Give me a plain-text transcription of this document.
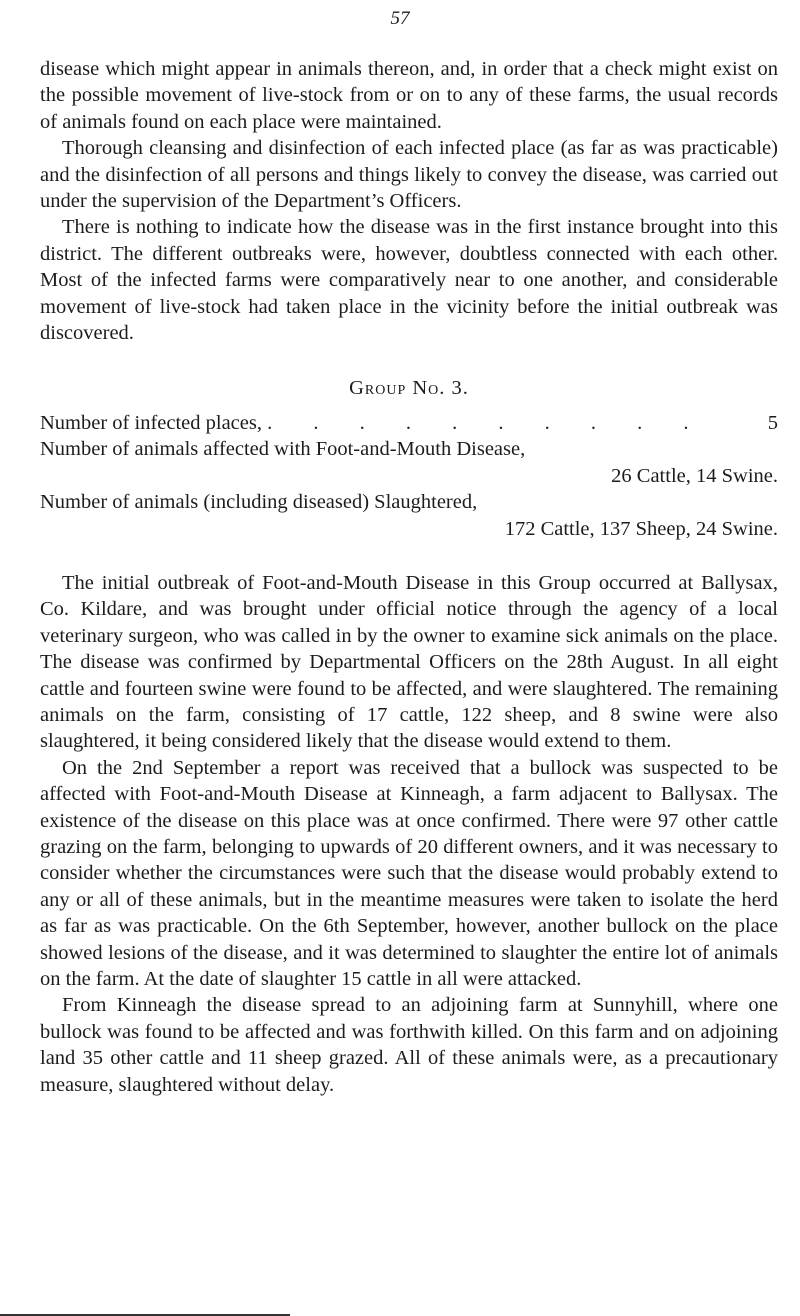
57

disease which might appear in animals thereon, and, in order that a check might exist on the possible movement of live-stock from or on to any of these farms, the usual records of animals found on each place were maintained.

Thorough cleansing and disinfection of each infected place (as far as was practicable) and the disinfection of all persons and things likely to convey the disease, was carried out under the supervision of the Department’s Officers.

There is nothing to indicate how the disease was in the first instance brought into this district. The different outbreaks were, however, doubtless connected with each other. Most of the infected farms were comparatively near to one another, and considerable movement of live-stock had taken place in the vicinity before the initial outbreak was discovered.

Group No. 3.
Number of infected places, . . . . . . . . . .	5
Number of animals affected with Foot-and-Mouth Disease,
26 Cattle, 14 Swine.
Number of animals (including diseased) Slaughtered,
172 Cattle, 137 Sheep, 24 Swine.

The initial outbreak of Foot-and-Mouth Disease in this Group occurred at Ballysax, Co. Kildare, and was brought under official notice through the agency of a local veterinary surgeon, who was called in by the owner to examine sick animals on the place. The disease was confirmed by Departmental Officers on the 28th August. In all eight cattle and fourteen swine were found to be affected, and were slaughtered. The remaining animals on the farm, consisting of 17 cattle, 122 sheep, and 8 swine were also slaughtered, it being considered likely that the disease would extend to them.

On the 2nd September a report was received that a bullock was suspected to be affected with Foot-and-Mouth Disease at Kinneagh, a farm adjacent to Ballysax. The existence of the disease on this place was at once confirmed. There were 97 other cattle grazing on the farm, belonging to upwards of 20 different owners, and it was necessary to consider whether the circumstances were such that the disease would probably extend to any or all of these animals, but in the meantime measures were taken to isolate the herd as far as was practicable. On the 6th September, however, another bullock on the place showed lesions of the disease, and it was determined to slaughter the entire lot of animals on the farm. At the date of slaughter 15 cattle in all were attacked.

From Kinneagh the disease spread to an adjoining farm at Sunnyhill, where one bullock was found to be affected and was forthwith killed. On this farm and on adjoining land 35 other cattle and 11 sheep grazed. All of these animals were, as a precautionary measure, slaughtered without delay.
